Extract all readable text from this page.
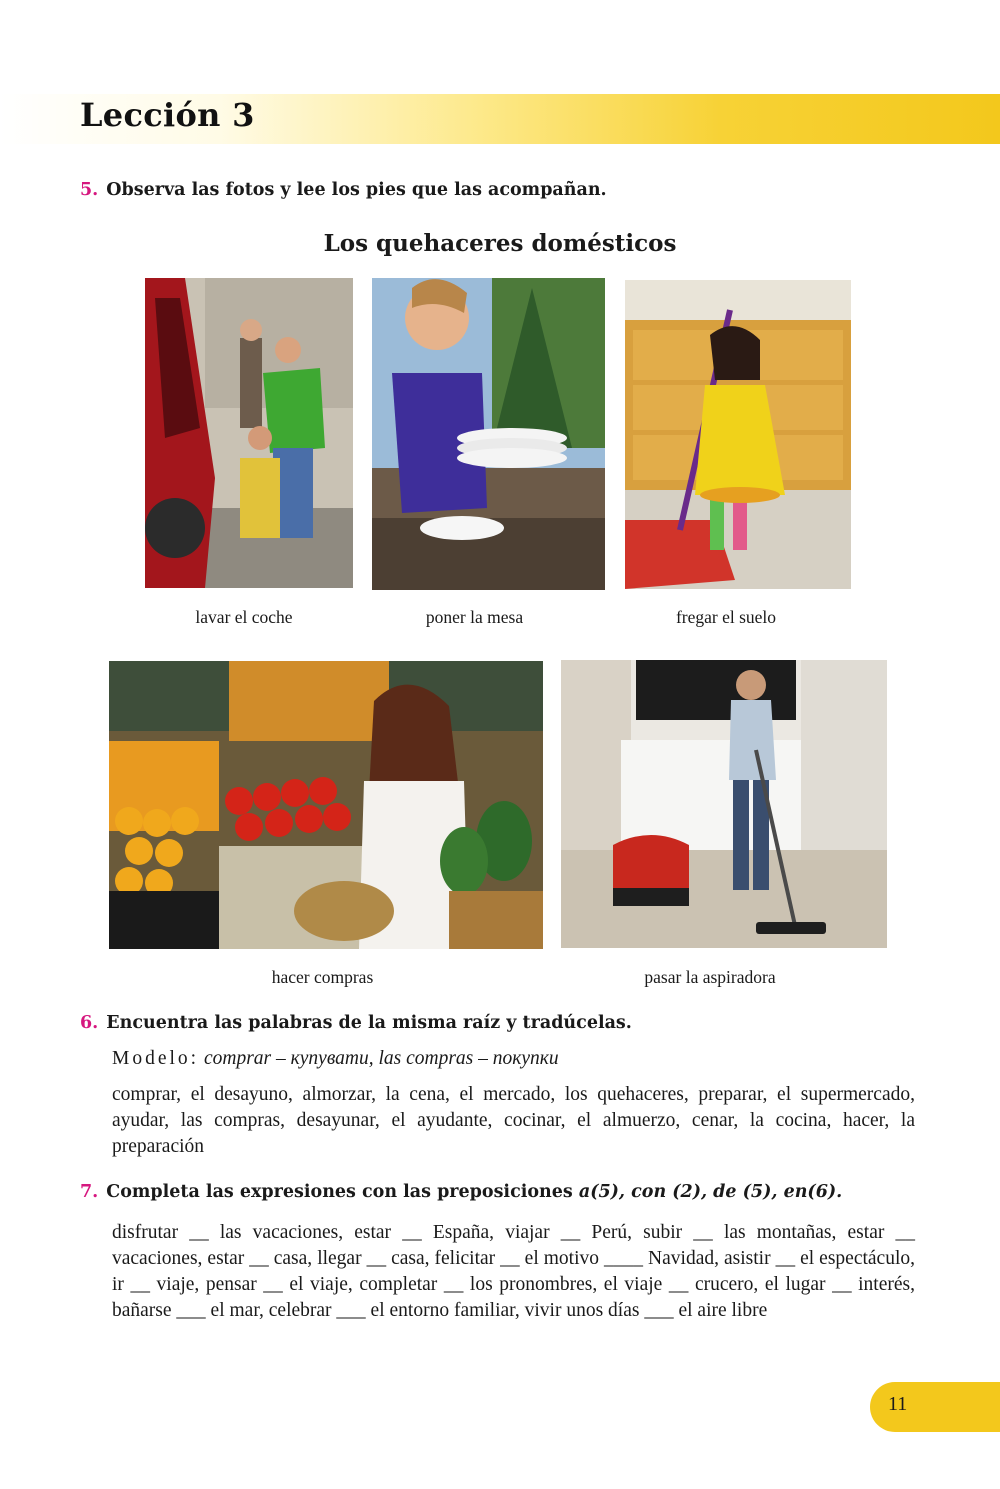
Lección 3
5. Observa las fotos y lee los pies que las acompañan.
Los quehaceres domésticos
lavar el coche	poner la mesa	fregar el suelo
hacer compras	pasar la aspiradora
6. Encuentra las palabras de la misma raíz y tradúcelas.
Modelo: comprar – купувати, las compras – покупки

comprar, el desayuno, almorzar, la cena, el mercado, los quehaceres, preparar, el supermercado, ayudar, las compras, desayunar, el ayudante, cocinar, el almuerzo, cenar, la cocina, hacer, la preparación

7. Completa las expresiones con las preposiciones a(5), con (2), de (5), en(6).

disfrutar __ las vacaciones, estar __ España, viajar __ Perú, subir __ las montañas, estar __ vacaciones, estar __ casa, llegar __ casa, felicitar __ el motivo ____ Navidad, asistir __ el espectáculo, ir __ viaje, pensar __ el viaje, completar __ los pronombres, el viaje __ crucero, el lugar __ interés, bañarse ___ el mar, celebrar ___ el entorno familiar, vivir unos días ___ el aire libre

11
